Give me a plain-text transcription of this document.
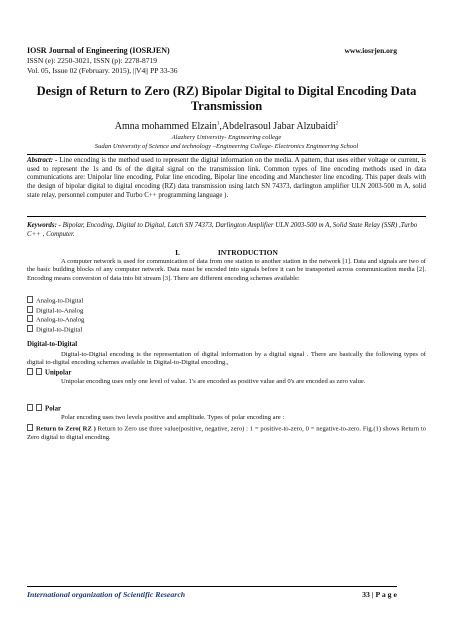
IOSR Journal of Engineering (IOSRJEN)	www.iosrjen.org
ISSN (e): 2250-3021, ISSN (p): 2278-8719
Vol. 05, Issue 02 (February. 2015), ||V4|| PP 33-36
Design of Return to Zero (RZ) Bipolar Digital to Digital Encoding Data Transmission
Amna mohammed Elzain$^1$,Abdelrasoul Jabar Alzubaidi$^2$
Alazhery University- Engineering college
Sudan University of Science and technology –Engineering College- Electronics Engineering School
Abstract: - Line encoding is the method used to represent the digital information on the media. A pattern, that uses either voltage or current, is used to represent the 1s and 0s of the digital signal on the transmission link. Common types of line encoding methods used in data communications are: Unipolar line encoding, Polar line encoding, Bipolar line encoding and Manchester line encoding. This paper deals with the design of bipolar digital to digital encoding (RZ) data transmission using latch SN 74373, darlington amplifier ULN 2003-500 m A, solid state relay, personnel computer and Turbo C++ programming language ).
Keywords: - Bipolar, Encoding, Digital to Digital, Latch SN 74373, Darlington Amplifier ULN 2003-500 m A, Solid State Relay (SSR) ,Turbo C++ , Computer.
I.	INTRODUCTION
A computer network is used for communication of data from one station to another station in the network [1]. Data and signals are two of the basic building blocks of any computer network. Data must be encoded into signals before it can be transported across communication media [2]. Encoding means conversion of data into bit stream [3]. There are different encoding schemes available:
Analog-to-Digital
Digital-to-Analog
Analog-to-Analog
Digital-to-Digital
Digital-to-Digital
Digital-to-Digital encoding is the representation of digital information by a digital signal . There are basically the following types of digital to-digital encoding schemes available in Digital-to-Digital encoding.,
Unipolar
Unipolar encoding uses only one level of value. 1's are encoded as positive value and 0's are encoded as zero value.
Polar
Polar encoding uses two levels positive and amplitude. Types of polar encoding are :
Return to Zero( RZ ) Return to Zero use three value(positive, negative, zero) : 1 = positive-to-zero, 0 = negative-to-zero. Fig.(1) shows Return to Zero digital to digital encoding.
International organization of Scientific Research	33 | P a g e
